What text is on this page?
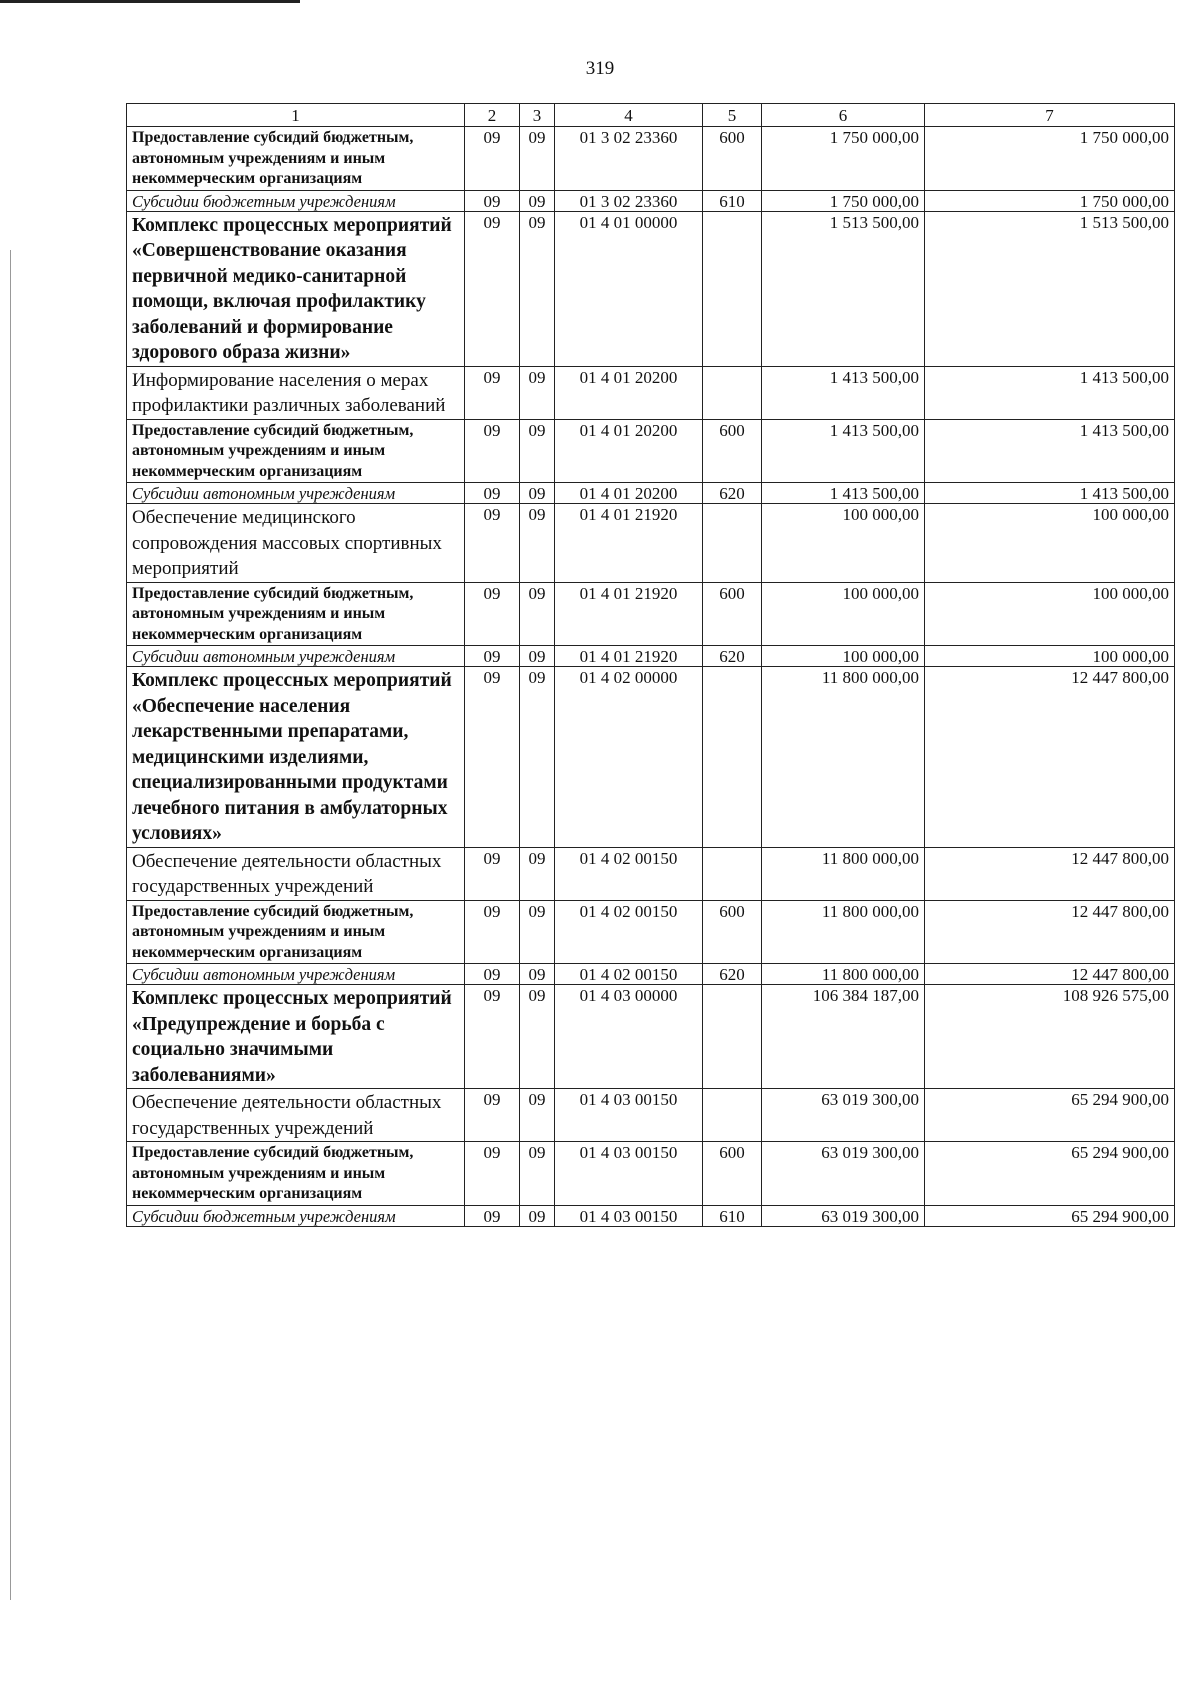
319
1	2	3	4	5	6	7
Предоставление субсидий бюджетным, автономным учреждениям и иным некоммерческим организациям	09	09	01 3 02 23360	600	1 750 000,00	1 750 000,00
Субсидии бюджетным учреждениям	09	09	01 3 02 23360	610	1 750 000,00	1 750 000,00
Комплекс процессных мероприятий «Совершенствование оказания первичной медико-санитарной помощи, включая профилактику заболеваний и формирование здорового образа жизни»	09	09	01 4 01 00000		1 513 500,00	1 513 500,00
Информирование населения о мерах профилактики различных заболеваний	09	09	01 4 01 20200		1 413 500,00	1 413 500,00
Предоставление субсидий бюджетным, автономным учреждениям и иным некоммерческим организациям	09	09	01 4 01 20200	600	1 413 500,00	1 413 500,00
Субсидии автономным учреждениям	09	09	01 4 01 20200	620	1 413 500,00	1 413 500,00
Обеспечение медицинского сопровождения массовых спортивных мероприятий	09	09	01 4 01 21920		100 000,00	100 000,00
Предоставление субсидий бюджетным, автономным учреждениям и иным некоммерческим организациям	09	09	01 4 01 21920	600	100 000,00	100 000,00
Субсидии автономным учреждениям	09	09	01 4 01 21920	620	100 000,00	100 000,00
Комплекс процессных мероприятий «Обеспечение населения лекарственными препаратами, медицинскими изделиями, специализированными продуктами лечебного питания в амбулаторных условиях»	09	09	01 4 02 00000		11 800 000,00	12 447 800,00
Обеспечение деятельности областных государственных учреждений	09	09	01 4 02 00150		11 800 000,00	12 447 800,00
Предоставление субсидий бюджетным, автономным учреждениям и иным некоммерческим организациям	09	09	01 4 02 00150	600	11 800 000,00	12 447 800,00
Субсидии автономным учреждениям	09	09	01 4 02 00150	620	11 800 000,00	12 447 800,00
Комплекс процессных мероприятий «Предупреждение и борьба с социально значимыми заболеваниями»	09	09	01 4 03 00000		106 384 187,00	108 926 575,00
Обеспечение деятельности областных государственных учреждений	09	09	01 4 03 00150		63 019 300,00	65 294 900,00
Предоставление субсидий бюджетным, автономным учреждениям и иным некоммерческим организациям	09	09	01 4 03 00150	600	63 019 300,00	65 294 900,00
Субсидии бюджетным учреждениям	09	09	01 4 03 00150	610	63 019 300,00	65 294 900,00
